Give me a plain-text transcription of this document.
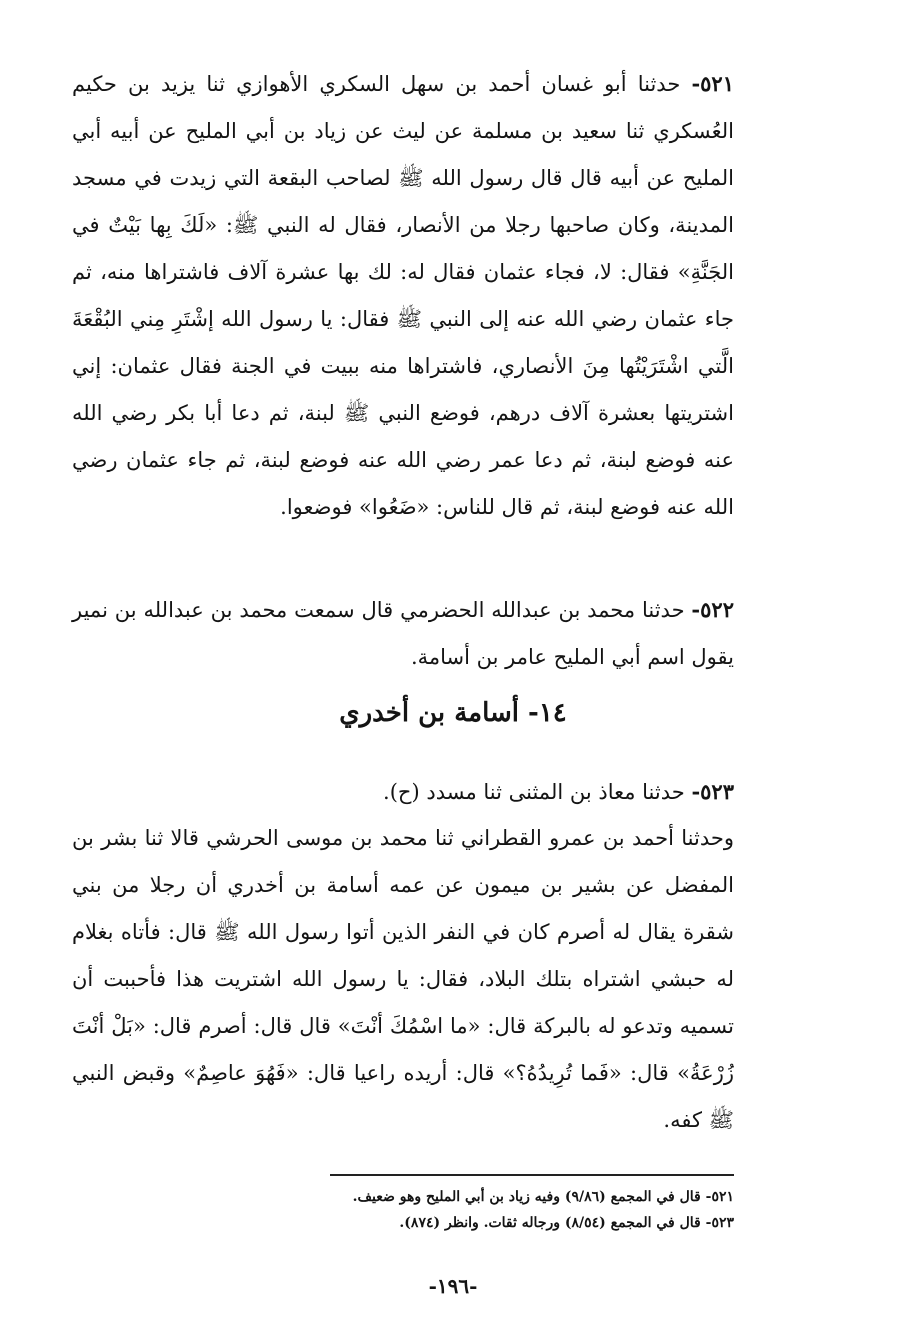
٥٢١- حدثنا أبو غسان أحمد بن سهل السكري الأهوازي ثنا يزيد بن حكيم العُسكري ثنا سعيد بن مسلمة عن ليث عن زياد بن أبي المليح عن أبيه أبي المليح عن أبيه قال قال رسول الله ﷺ لصاحب البقعة التي زيدت في مسجد المدينة، وكان صاحبها رجلا من الأنصار، فقال له النبي ﷺ: «لَكَ بِها بَيْتٌ في الجَنَّةِ» فقال: لا، فجاء عثمان فقال له: لك بها عشرة آلاف فاشتراها منه، ثم جاء عثمان رضي الله عنه إلى النبي ﷺ فقال: يا رسول الله إشْتَرِ مِني البُقْعَةَ الَّتي اشْتَرَيْتُها مِنَ الأنصاري، فاشتراها منه ببيت في الجنة فقال عثمان: إني اشتريتها بعشرة آلاف درهم، فوضع النبي ﷺ لبنة، ثم دعا أبا بكر رضي الله عنه فوضع لبنة، ثم دعا عمر رضي الله عنه فوضع لبنة، ثم جاء عثمان رضي الله عنه فوضع لبنة، ثم قال للناس: «ضَعُوا» فوضعوا.

٥٢٢- حدثنا محمد بن عبدالله الحضرمي قال سمعت محمد بن عبدالله بن نمير يقول اسم أبي المليح عامر بن أسامة.

١٤- أسامة بن أخدري

٥٢٣- حدثنا معاذ بن المثنى ثنا مسدد (ح).

وحدثنا أحمد بن عمرو القطراني ثنا محمد بن موسى الحرشي قالا ثنا بشر بن المفضل عن بشير بن ميمون عن عمه أسامة بن أخدري أن رجلا من بني شقرة يقال له أصرم كان في النفر الذين أتوا رسول الله ﷺ قال: فأتاه بغلام له حبشي اشتراه بتلك البلاد، فقال: يا رسول الله اشتريت هذا فأحببت أن تسميه وتدعو له بالبركة قال: «ما اسْمُكَ أنْتَ» قال قال: أصرم قال: «بَلْ أنْتَ زُرْعَةُ» قال: «فَما تُرِيدُهُ؟» قال: أريده راعيا قال: «فَهُوَ عاصِمٌ» وقبض النبي ﷺ كفه.

٥٢١- قال في المجمع (٩/٨٦) وفيه زياد بن أبي المليح وهو ضعيف.
٥٢٣- قال في المجمع (٨/٥٤) ورجاله ثقات. وانظر (٨٧٤).
-١٩٦-
